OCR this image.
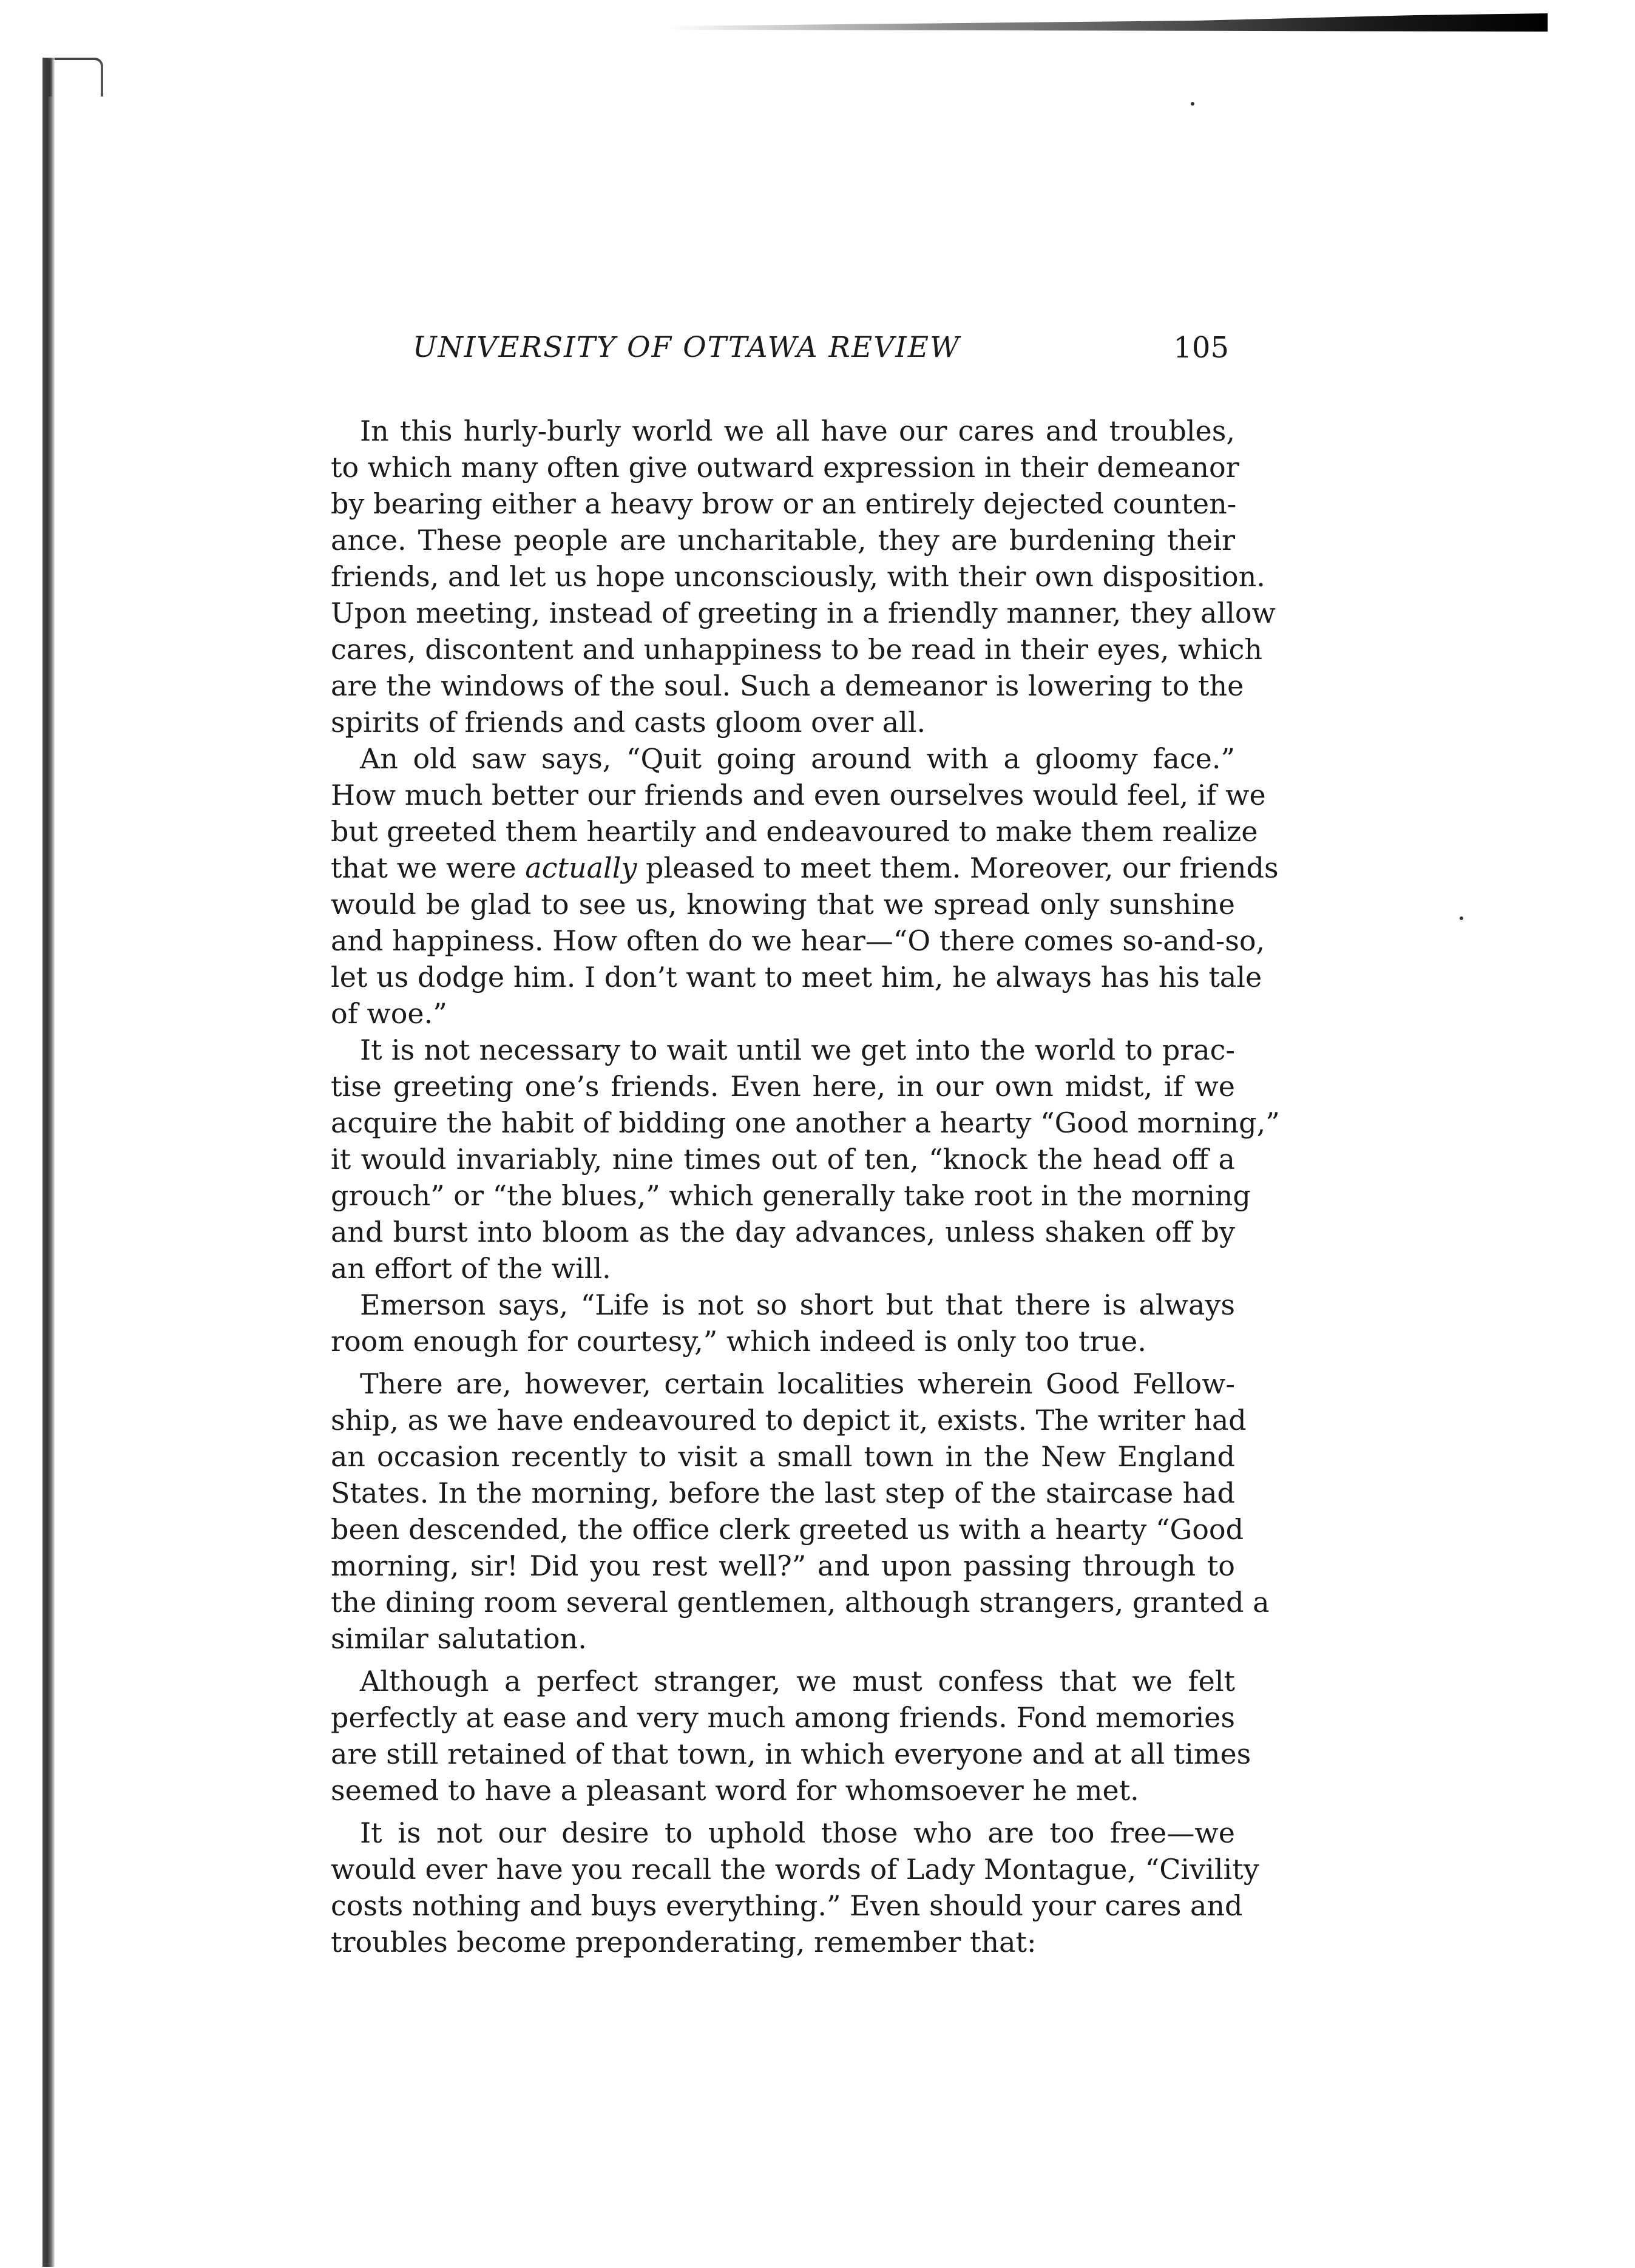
UNIVERSITY OF OTTAWA REVIEW	105
In this hurly-burly world we all have our cares and troubles,
to which many often give outward expression in their demeanor
by bearing either a heavy brow or an entirely dejected counten-
ance. These people are uncharitable, they are burdening their
friends, and let us hope unconsciously, with their own disposition.
Upon meeting, instead of greeting in a friendly manner, they allow
cares, discontent and unhappiness to be read in their eyes, which
are the windows of the soul. Such a demeanor is lowering to the
spirits of friends and casts gloom over all.
An old saw says, “Quit going around with a gloomy face.”
How much better our friends and even ourselves would feel, if we
but greeted them heartily and endeavoured to make them realize
that we were actually pleased to meet them. Moreover, our friends
would be glad to see us, knowing that we spread only sunshine
and happiness. How often do we hear—“O there comes so-and-so,
let us dodge him. I don’t want to meet him, he always has his tale
of woe.”
It is not necessary to wait until we get into the world to prac-
tise greeting one’s friends. Even here, in our own midst, if we
acquire the habit of bidding one another a hearty “Good morning,”
it would invariably, nine times out of ten, “knock the head off a
grouch” or “the blues,” which generally take root in the morning
and burst into bloom as the day advances, unless shaken off by
an effort of the will.
Emerson says, “Life is not so short but that there is always
room enough for courtesy,” which indeed is only too true.
There are, however, certain localities wherein Good Fellow-
ship, as we have endeavoured to depict it, exists. The writer had
an occasion recently to visit a small town in the New England
States. In the morning, before the last step of the staircase had
been descended, the office clerk greeted us with a hearty “Good
morning, sir! Did you rest well?” and upon passing through to
the dining room several gentlemen, although strangers, granted a
similar salutation.
Although a perfect stranger, we must confess that we felt
perfectly at ease and very much among friends. Fond memories
are still retained of that town, in which everyone and at all times
seemed to have a pleasant word for whomsoever he met.
It is not our desire to uphold those who are too free—we
would ever have you recall the words of Lady Montague, “Civility
costs nothing and buys everything.” Even should your cares and
troubles become preponderating, remember that:
